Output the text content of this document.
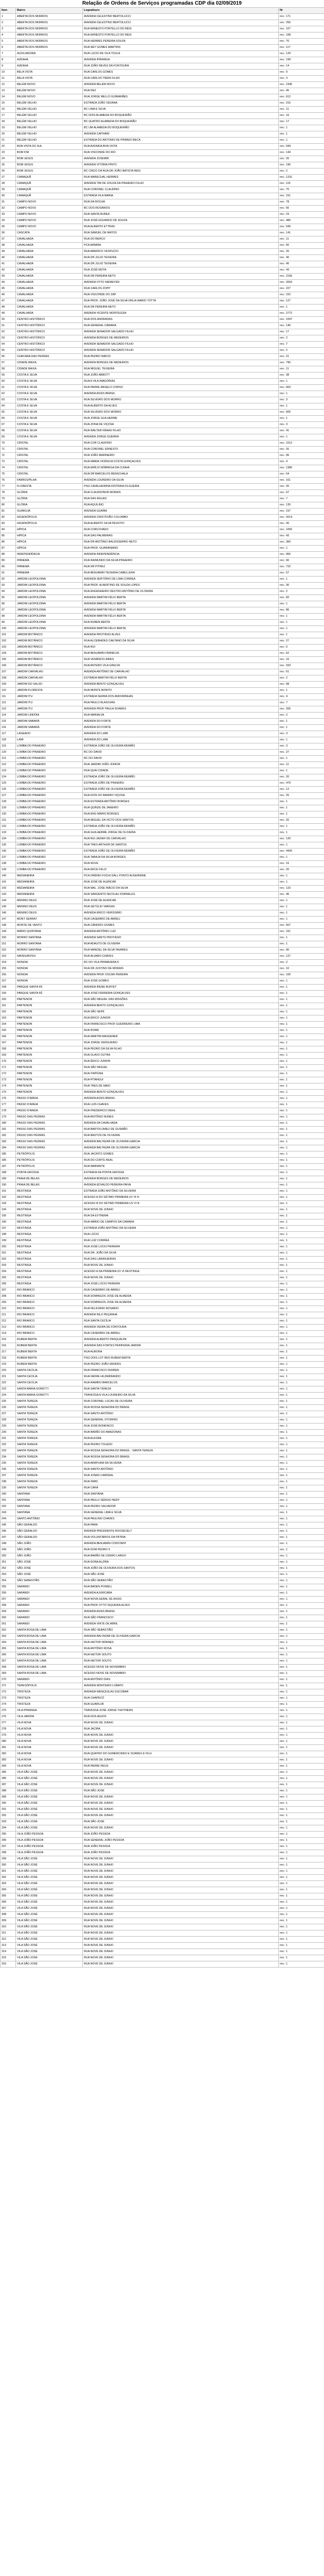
Relação de Ordens de Serviços programadas CDP dia 02/09/2019
Item	Bairro	Logradouro	Nr
1	ABERTA DOS MORROS	AVENIDA CELESTINO BERTOLUCCI	nro.: 171
2	ABERTA DOS MORROS	AVENIDA CELESTINO BERTOLUCCI	nro.: 255
3	ABERTA DOS MORROS	RUA ERNESTO PORTELLO DO REIS	nro.: 107
4	ABERTA DOS MORROS	RUA ERNESTO PORTELLO DO REIS	nro.: 168
5	ABERTA DOS MORROS	RUA HERMES PEREIRA SOUZA	nro.: 70
6	ABERTA DOS MORROS	RUA NEY GOMES MARTINS	nro.: 117
7	AUXILIADORA	RUA LUCIO DE VILA TOULA	nro.: 129
8	AZENHA	AVENIDA IPIRANGA	nro.: 199
9	AZENHA	RUA JOÃO NEVES DA FONTOURA	nro.: 14
10	BELA VISTA	RUA CARLOS GOMES	nro.: 9
11	BELA VISTA	RUA CARLOS TREIN FILHO	nro.: 3
12	BELÉM NOVO	AVENIDA BELÉM NOVO	nro.: 1945
13	BELÉM NOVO	RUA DEZ	nro.: 45
14	BELÉM NOVO	RUA JORGE MELLO GUIMARÃES	nro.: 612
15	BELÉM VELHO	ESTRADA JOÃO VEDANA	nro.: 215
16	BELÉM VELHO	BC LIMA E SILVA	nro.: 11
17	BELÉM VELHO	BC DOIS ALAMEDA DO BOQUEIRÃO	nro.: 16
18	BELÉM VELHO	BC QUATRO ALAMEDA DO BOQUEIRÃO	nro.: 17
19	BELÉM VELHO	BC UM ALAMEDA DO BOQUEIRÃO	nro.: 1
20	BELÉM VELHO	AVENIDA CAPIVARI	nro.: 1
21	BELÉM VELHO	ESTRADA DO ANTONIO DE PRIMEIO BECA	nro.: 1
22	BOA VISTA DO SUL	RUA AVENIDA BOA VISTA	nro.: 599
23	BOM FIM	RUA VISCONDE DO RIO	nro.: 143
24	BOM JESUS	AVENIDA JOSEMIR	nro.: 20
25	BOM JESUS	AVENIDA VITÓRIA PINTO	nro.: 190
26	BOM JESUS	BC CINCO DA RUA DR JOÃO BATISTA REIS	nro.: 2
27	CAMAQUÃ	RUA MARECHAL HERMES	nro.: 1231
28	CAMAQUÃ	AVENIDA TIM DE SOUZA DA PINHEIRO FILHO	nro.: 115
29	CAMAQUÃ	RUA CORONEL CLAUDINO	nro.: 75
30	CAMAQUÃ	ESTRADA VILA MARIA	nro.: 151
31	CAMPO NOVO	RUA DA ROCHA	nro.: 78
32	CAMPO NOVO	BC DOS ROSÁRIOS	nro.: 50
33	CAMPO NOVO	RUA SANTA ÁUREA	nro.: 23
34	CAMPO NOVO	RUA JOSÉ EDUARDO DE SOUZA	nro.: 480
35	CAMPO NOVO	RUA ALBERTO ETTRAS	nro.: 545
36	CASCATA	RUA SAMUEL DE MATOS	nro.: 141
37	CAVALHADA	RUA DO BERCO	nro.: 11
38	CAVALHADA	PCA ARMIRA	nro.: 60
39	CAVALHADA	RUA AMERICO VESPUCIO	nro.: 20
40	CAVALHADA	RUA DR JULIO TEIXEIRA	nro.: 40
41	CAVALHADA	RUA DR JULIO TEIXEIRA	nro.: 45
42	CAVALHADA	RUA JOSÉ MOTA	nro.: 43
43	CAVALHADA	RUA DR PEREIRA NETO	nro.: 2156
44	CAVALHADA	AVENIDA OTTO NIEMEYER	nro.: 2003
45	CAVALHADA	RUA CARLOS ZOPP	nro.: 227
46	CAVALHADA	RUA VISCONDE DO ZAP	nro.: 222
47	CAVALHADA	RUA PROF. JOÃO JOSÉ DA SILVA ORLIA MARIO TOTTA	nro.: 127
48	CAVALHADA	RUA DR PEREIRA NETO	nro.: 1
49	CAVALHADA	AVENIDA VICENTE MONTEGGIA	nro.: 2772
50	CENTRO HISTÓRICO	RUA DOS ANDRADAS	nro.: 1097
51	CENTRO HISTÓRICO	RUA GENERAL CÂMARA	nro.: 140
52	CENTRO HISTÓRICO	AVENIDA SENADOR SALGADO FILHO	nro.: 17
53	CENTRO HISTÓRICO	AVENIDA BORGES DE MEDEIROS	nro.: 2
54	CENTRO HISTÓRICO	AVENIDA SENADOR SALGADO FILHO	nro.: 7
55	CENTRO HISTÓRICO	AVENIDA SENADOR SALGADO FILHO	nro.: 2
56	CHÁCARA DAS PEDRAS	RUA PEDRO INÁCIO	nro.: 21
57	CIDADE BAIXA	AVENIDA BORGES DE MEDEIROS	nro.: 790
58	CIDADE BAIXA	RUA MIGUEL TEIXEIRA	nro.: 11
59	COSTA E SILVA	RUA JOÃO ABBOTT	nro.: 38
60	COSTA E SILVA	RUA A VILA IMAGÓRIAS	nro.: 1
61	COSTA E SILVA	RUA PADRE ANGELO CORSO	nro.: 603
62	COSTA E SILVA	AVENIDA ASSIS BRASIL	nro.: 1
63	COSTA E SILVA	RUA SILVEIRO DOS MORRO	nro.: 3
64	COSTA E SILVA	RUA ALBERTO DA ALVES	nro.: 1
65	COSTA E SILVA	RUA SILVEIRO DOS MORRO	nro.: 605
66	COSTA E SILVA	RUA JORGE GUILHERME	nro.: 1
67	COSTA E SILVA	RUA ZONA DE VIÇOSA	nro.: 3
68	COSTA E SILVA	RUA WALTER KRAAS FILHO	nro.: 41
69	COSTA E SILVA	AVENIDA JORGE GUERRA	nro.: 1
70	CRISTAL	RUA COR CLAUDINO	nro.: 1012
71	CRISTAL	RUA CORONEL ERNESTO	nro.: 20
72	CRISTAL	RUA JOÃO MARINEIRO	nro.: 96
73	CRISTAL	RUA MARIA VICÊNCIA COSTA GONÇALVES	nro.: 4
74	CRISTAL	RUA EMÍLIO NÓBREGA DA CUNHA	nro.: 1380
75	CRISTAL	RUA DR BARCELOS BENSCHALA	nro.: 54
76	FARROUPILHA	AVENIDA LOUREIRO DA SILVA	nro.: 161
77	FLORESTA	PSG CAVALHEIRINA DISTRAIA FILGUEIRA	nro.: 20
78	GLÓRIA	RUA CLAUDIONOR MORAIS	nro.: 67
79	GLÓRIA	RUA DAS ÁGUAS	nro.: 7
80	GLÓRIA	RUA AQUILINO	nro.: 135
81	GUARUJÁ	AVENIDA GUAÍBA	nro.: 157
82	HIGIENÓPOLIS	AVENIDA CRISTÓVÃO COLOMBO	nro.: 2014
83	HIGIENÓPOLIS	RUA ALBERTO SILVA PEIXOTO	nro.: 30
84	HÍPICA	RUA CORCOVADO	nro.: 1050
85	HÍPICA	RUA DAS PALMEIRAS	nro.: 43
86	HÍPICA	RUA DR ANTÔNIO BALDISSERRO NETO	nro.: 360
87	HÍPICA	RUA PROF. GUARANIANO	nro.: 1
88	INDEPENDÊNCIA	AVENIDA INDEPENDÊNCIA	nro.: 950
89	IPANEMA	RUA RAIMUNDO DA SILVA PINHEIRO	nro.: 60
90	IPANEMA	RUA DR PITREZ	nro.: 722
91	IPANEMA	RUA BENJAMIN TEIXEIRA CABELLERA	nro.: 57
92	JARDIM LEOPOLDINA	AVENIDA SERTÓRIO DE LIMA CORREA	nro.: 1
93	JARDIM LEOPOLDINA	RUA PROF. ALBERTINO DE SOUZA LOPES	nro.: 30
94	JARDIM LEOPOLDINA	RUA ENGENHEIRO DESTRO ANTÔNIO DE OLIVEIRA	nro.: 2
95	JARDIM LEOPOLDINA	AVENIDA MARTIM FÉLIX BERTA	nro.: 82
96	JARDIM LEOPOLDINA	AVENIDA MARTIM FÉLIX BERTA	nro.: 1
97	JARDIM LEOPOLDINA	AVENIDA MARTIM FÉLIX BERTA	nro.: 86
98	JARDIM LEOPOLDINA	AVENIDA MARTIM FÉLIX BERTA	nro.: 1
99	JARDIM LEOPOLDINA	RUA RUBEN BERTA	nro.: 1
100	JARDIM LEOPOLDINA	AVENIDA MARTIM FÉLIX BERTA	nro.: 1
101	JARDIM BOTÂNICO	AVENIDA PROTÁSIO ALVES	nro.: 1
102	JARDIM BOTÂNICO	RUA ALCEBIADES CAETANO DA SILVA	nro.: 27
103	JARDIM BOTÂNICO	RUA RUI	nro.: 5
104	JARDIM BOTÂNICO	RUA BENJAMIN FRANKLIN	nro.: 62
105	JARDIM BOTÂNICO	RUA VENÂNCIO AIRES	nro.: 16
106	JARDIM BOTÂNICO	RUA ANTERO VILA GRECIA	nro.: 333
107	JARDIM CARVALHO	AVENIDA ANTÔNIO DE CARVALHO	nro.: 61
108	JARDIM CARVALHO	ESTRADA MARTIM FÉLIX BERTA	nro.: 2
109	JARDIM DO SALSO	AVENIDA BENTO GONÇALVES	nro.: 98
110	JARDIM FLORESTA	RUA MONTE BONITO	nro.: 1
111	JARDIM ITU	ESTRADA SERRA DOS ANDORINHAS	nro.: 4
112	JARDIM ITU	RUA PAULO BLASCHKE	nro.: 7
113	JARDIM ITU	AVENIDA PROF PAULA SOARES	nro.: 206
114	JARDIM LINDÓIA	RUA MARIALVA	nro.: 2
115	JARDIM SABARÁ	AVENIDA DO FORTE	nro.: 1
116	JARDIM SABARÁ	AVENIDA DO FORTE	nro.: 1
117	LAGEADO	AVENIDA DO LAMI	nro.: 3
118	LAMI	AVENIDA DO LAMI	nro.: 1
119	LOMBA DO PINHEIRO	ESTRADA JOÃO DE OLIVEIRA REMIÃO	nro.: 3
120	LOMBA DO PINHEIRO	BC DO DAVID	nro.: 27
121	LOMBA DO PINHEIRO	BC DO DAVID	nro.: 1
122	LOMBA DO PINHEIRO	RUA JARDIM JOÃO JÚNIOR	nro.: 11
123	LOMBA DO PINHEIRO	RUA QUAI CIDADE	nro.: 1
124	LOMBA DO PINHEIRO	ESTRADA JOÃO DE OLIVEIRA REMIÃO	nro.: 20
125	LOMBA DO PINHEIRO	ESTRADA JOÃO DE PINHEIRO	nro.: 479
126	LOMBA DO PINHEIRO	ESTRADA JOÃO DE OLIVEIRA REMIÃO	nro.: 12
127	LOMBA DO PINHEIRO	RUA DOIS DO BAIRRO VIÇOSA	nro.: 25
128	LOMBA DO PINHEIRO	RUA ESTRADA ANTÔNIO BORGES	nro.: 1
129	LOMBA DO PINHEIRO	RUA QUINZE DE JANEIRO	nro.: 1
130	LOMBA DO PINHEIRO	RUA ENG MARIO BORGES	nro.: 1
131	LOMBA DO PINHEIRO	RUA MIGUEL DA VICTO DOS SANTOS	nro.: 20
132	LOMBA DO PINHEIRO	ESTRADA JOÃO DE OLIVEIRA REMIÃO	nro.: 1
133	LOMBA DO PINHEIRO	RUA GUILHERME JORGE DE OLIVEIRA	nro.: 1
134	LOMBA DO PINHEIRO	RUA RUI JAZIER DE CARVALHO	nro.: 120
135	LOMBA DO PINHEIRO	RUA TRES ARTHUR DE SANTOS	nro.: 1
136	LOMBA DO PINHEIRO	ESTRADA JOÃO DE OLIVEIRA REMIÃO	nro.: 4420
137	LOMBA DO PINHEIRO	RUA TABAJA DA SILVA BORGES	nro.: 1
138	LOMBA DO PINHEIRO	RUA NOVE	nro.: 16
139	LOMBA DO PINHEIRO	RUA ERCE FELIZ	nro.: 20
140	MEDIANEIRA	PCA ORÊNIO FOCHI DALL PONTO AUGERNINE	nro.: 1
141	MEDIANEIRA	RUA JOSÉ DE ALENCAR	nro.: 1
142	MEDIANEIRA	RUA MAL. JOSÉ INÁCIO DA SILVA	nro.: 123
143	MEDIANEIRA	RUA SARGENTO NICOLAU DORNELES	nro.: 45
144	MENINO DEUS	RUA JOSÉ DE ALENCAR	nro.: 1
145	MENINO DEUS	RUA GETÚLIO VARGAS	nro.: 1
146	MENINO DEUS	AVENIDA ERICO VERISSIMO	nro.: 1
147	MONT SERRAT	RUA CASEMIRO DE ABREU	nro.: 1
148	MONTE DE VENTO	RUA CÂNDIDO GOMES	nro.: 507
149	MÁRIO QUINTANA	AVENIDA ANTÔNIO LUIZ	nro.: 161
150	MORRO SANTANA	AVENIDA SANTO PROTÁSIO	nro.: 1
151	MORRO SANTANA	RUA ADAUTO DE OLIVEIRA	nro.: 1
152	MORRO SANTANA	RUA MANOEL DA SILVA TAVARES	nro.: 90
153	NAVEGANTES	RUA ÁLVARO CHAVES	nro.: 127
154	NONOAI	BC DO VILA PRIMAVERA D	nro.: 2
155	NONOAI	RUA DR JUSTINO DE MORAIS	nro.: 10
156	NONOAI	AVENIDA PROF OSCAR PEREIRA	nro.: 100
157	NONOAI	RUA JOSÉ GOMES	nro.: 1
158	PARQUE SANTA FÉ	AVENIDA IRENE BUFFET	nro.: 1
159	PARQUE SANTA FÉ	RUA JOSÉ FERREIRA GONÇALVES	nro.: 1
160	PARTENON	RUA SÃO MIGUEL DAS MISSÕES	nro.: 1
161	PARTENON	AVENIDA BENTO GONÇALVES	nro.: 1
162	PARTENON	RUA SÃO SEPÉ	nro.: 1
163	PARTENON	RUA ÉRICO JUNIOR	nro.: 1
164	PARTENON	RUA FRANCISCO PROF GUERREIRO LIMA	nro.: 1
165	PARTENON	RUA ROMA	nro.: 1
166	PARTENON	RUA MARTIM MASSENER	nro.: 1
167	PARTENON	RUA JORGE VERGUEIRO	nro.: 1
168	PARTENON	RUA PEDRO DA SILVA FILHO	nro.: 1
169	PARTENON	RUA OLAVO OUTRA	nro.: 1
170	PARTENON	RUA ÉRICO JUNIOR	nro.: 1
171	PARTENON	RUA SÃO MIGUEL	nro.: 1
172	PARTENON	RUA ITAPIÚNA	nro.: 1
173	PARTENON	RUA PITANGUI	nro.: 1
174	PARTENON	RUA TRES DE MAIO	nro.: 1
175	PARTENON	AVENIDA BENTO GONÇALVES	nro.: 1
176	PASSO D'AREIA	AVENIDA ASSIS BRASIL	nro.: 1
177	PASSO D'AREIA	RUA LUIS CHAVES	nro.: 1
178	PASSO D'AREIA	RUA FREDERICO DIEHL	nro.: 1
179	PASSO DAS PEDRAS	RUA ANTÔNIO NUNES	nro.: 1
180	PASSO DAS PEDRAS	AVENIDA DA CAVALHADA	nro.: 1
181	PASSO DAS PEDRAS	RUA BARTOLOMEU DE GUSMÃO	nro.: 1
182	PASSO DAS PEDRAS	RUA BASTOS DE OLIVEIRA	nro.: 1
183	PASSO DAS PEDRAS	AVENIDA BALTAZAR DE OLIVEIRA GARCIA	nro.: 1
184	PASSO DAS PEDRAS	AVENIDA BALTAZAR DE OLIVEIRA GARCIA	nro.: 1
185	PETRÓPOLIS	RUA JACINTO GOMES	nro.: 1
186	PETRÓPOLIS	RUA DO CORTE REAL	nro.: 1
187	PETRÓPOLIS	RUA MARIANTE	nro.: 1
188	PONTA GROSSA	ESTRADA DA PONTA GROSSA	nro.: 1
189	PRAIA DE BELAS	AVENIDA BORGES DE MEDEIROS	nro.: 1
190	PRAIA DE BELAS	AVENIDA EDVALDO PEREIRA PAIVA	nro.: 1
191	RESTINGA	ESTRADA JOÃO ANTÔNIO DA SILVEIRA	nro.: 1
192	RESTINGA	ACESSO A DO SÉTIMO PRIMEIRA UV VI N	nro.: 1
193	RESTINGA	ACESSO B DO SÉTIMO PRIMEIRA UV VI N	nro.: 1
194	RESTINGA	RUA NOVE DE JUNHO	nro.: 1
195	RESTINGA	RUA DA EXTREMA	nro.: 1
196	RESTINGA	RUA MÁRIO DE CAMPOS DA CAMARA	nro.: 1
197	RESTINGA	ESTRADA JOÃO ANTÔNIO DA SILVEIRA	nro.: 1
198	RESTINGA	RUA LÚCIO	nro.: 1
199	RESTINGA	RUA LUIZ CORRÊA	nro.: 1
200	RESTINGA	RUA JOSÉ LÚCIO PEREIRA	nro.: 1
201	RESTINGA	RUA DR. JOÃO DA SILVA	nro.: 1
202	RESTINGA	RUA DAS LARANJEIRAS	nro.: 1
203	RESTINGA	RUA NOVE DE JUNHO	nro.: 1
204	RESTINGA	ACESSO A DA PRIMEIRA UV VI RESTINGA	nro.: 1
205	RESTINGA	RUA NOVE DE JUNHO	nro.: 1
206	RESTINGA	RUA JOSÉ LÚCIO PEREIRA	nro.: 1
207	RIO BRANCO	RUA CASEMIRO DE ABREU	nro.: 1
208	RIO BRANCO	RUA DOMINGOS JOSÉ DE ALMEIDA	nro.: 1
209	RIO BRANCO	RUA DOMINGOS JOSÉ DE ALMEIDA	nro.: 1
210	RIO BRANCO	RUA FELICIANO ROSARIO	nro.: 1
211	RIO BRANCO	AVENIDA NILO PEÇANHA	nro.: 1
212	RIO BRANCO	RUA SANTA CECÍLIA	nro.: 1
213	RIO BRANCO	AVENIDA VIEIRA DE FONTOURA	nro.: 1
214	RIO BRANCO	RUA CASEMIRO DE ABREU	nro.: 1
215	RUBEM BERTA	AVENIDA ALBERTO PASQUALINI	nro.: 1
216	RUBEM BERTA	AVENIDA DAS FONTES PERIFERIA JARDIM	nro.: 1
217	RUBEM BERTA	RUA AURORA	nro.: 1
218	RUBEM BERTA	PSG DOIS LOT RES RUBEM BERTA	nro.: 1
219	RUBEM BERTA	RUA PEDRO JOÃO HENDES	nro.: 1
220	SANTA CECÍLIA	RUA FRANCISCO FERRER	nro.: 1
221	SANTA CECÍLIA	RUA FADRE HILDEBRANDO	nro.: 1
222	SANTA CECÍLIA	RUA RAMIRO BARCELOS	nro.: 1
223	SANTA MARIA GORETTI	RUA SANTA TEREZA	nro.: 1
224	SANTA MARIA GORETTI	TRAVESSA A VILA LOUREIRO DA SILVA	nro.: 1
225	SANTA TEREZA	RUA CORONEL LUCAS DE OLIVEIRA	nro.: 1
226	SANTA TEREZA	RUA NOSSA SENHORA DO BRASIL	nro.: 1
227	SANTA TEREZA	RUA SANTO ANTÔNIO	nro.: 1
228	SANTA TEREZA	RUA GENERAL VITORINO	nro.: 1
229	SANTA TEREZA	RUA JOSÉ BONIFÁCIO	nro.: 1
230	SANTA TEREZA	RUA BARÃO DO AMAZONAS	nro.: 1
231	SANTA TEREZA	RUA ALEGRE	nro.: 1
232	SANTA TEREZA	RUA PEDRO TOLEDO	nro.: 1
233	SANTA TEREZA	RUA NOSSA SENHORA DO BRASIL - SANTA TEREZA	nro.: 1
234	SANTA TEREZA	RUA NOSSA SENHORA DO BRASIL	nro.: 1
235	SANTA TEREZA	RUA ARAPUAM DA SILVEIRA	nro.: 1
236	SANTA TEREZA	RUA SANTO ANTÔNIO	nro.: 1
237	SANTA TEREZA	RUA JONAS CARDEAL	nro.: 1
238	SANTA TEREZA	RUA SIMIC	nro.: 1
239	SANTA TEREZA	RUA CARÁ	nro.: 1
240	SANTANA	RUA SANTANA	nro.: 1
241	SANTANA	RUA PAULO SÉRGIO NERY	nro.: 1
242	SANTANA	RUA PEDRO SALVADOR	nro.: 1
243	SANTANA	RUA GENERAL LIMA E SILVA	nro.: 1
244	SANTO ANTÔNIO	RUA PAULINO CHAVES	nro.: 1
245	SÃO GERALDO	RUA PARA	nro.: 1
246	SÃO GERALDO	AVENIDA PRESIDENTE ROOSEVELT	nro.: 1
247	SÃO GERALDO	RUA VOLUNTÁRIOS DA PÁTRIA	nro.: 1
248	SÃO JOÃO	AVENIDA BENJAMIN CONSTANT	nro.: 1
249	SÃO JOÃO	RUA DOM PEDRO II	nro.: 1
250	SÃO JOÃO	RUA BARÃO DE CERRO LARGO	nro.: 1
251	SÃO JOSÉ	RUA DONA ALZIRA	nro.: 1
252	SÃO JOSÉ	RUA JOÃO DE OLIVEIRA DOS SANTOS	nro.: 1
253	SÃO JOSÉ	RUA SÃO JOSÉ	nro.: 1
254	SÃO SEBASTIÃO	RUA SÃO SEBASTIÃO	nro.: 1
255	SARANDI	RUA BADEN POWELL	nro.: 1
256	SARANDI	AVENIDA AJURICABA	nro.: 1
257	SARANDI	RUA NOVA GERAL DE ASSIS	nro.: 1
258	SARANDI	RUA PROF OTTO SIQUEIRA ALVES	nro.: 1
259	SARANDI	AVENIDA ASSIS BRASIL	nro.: 1
260	SARANDI	RUA SÃO FRANCISCO	nro.: 1
261	SARANDI	AVENIDA VINTE DE ABRIL	nro.: 1
262	SANTA ROSA DE LIMA	RUA SÃO SEBASTIÃO	nro.: 1
263	SANTA ROSA DE LIMA	AVENIDA BALTAZAR DE OLIVEIRA GARCIA	nro.: 1
264	SANTA ROSA DE LIMA	RUA HEITOR MORAES	nro.: 1
265	SANTA ROSA DE LIMA	RUA ANTÔNIO ROSA	nro.: 1
266	SANTA ROSA DE LIMA	RUA HEITOR SOUTO	nro.: 1
267	SANTA ROSA DE LIMA	RUA HEITOR SOUTO	nro.: 1
268	SANTA ROSA DE LIMA	ACESSO NOVE DE NOVEMBRO	nro.: 1
269	SANTA ROSA DE LIMA	ACESSO NOVE DE NOVEMBRO	nro.: 1
270	SARANDI	RUA ANTÔNIO DIAS	nro.: 1
271	TERESÓPOLIS	AVENIDA MONTEIRO LOBATO	nro.: 1
272	TRISTEZA	AVENIDA WENCESLAU ESCOBAR	nro.: 1
273	TRISTEZA	RUA CHAPECÓ	nro.: 1
274	TRISTEZA	RUA GUARUJÁ	nro.: 1
275	VILA IPIRANGA	TRAVESSA JOSÉ JORGE THOYNERS	nro.: 1
276	VILA JARDIM	RUA DOS ANJOS	nro.: 1
277	VILA NOVA	RUA NOVE DE JUNHO	nro.: 1
278	VILA NOVA	RUA JACIRA	nro.: 1
279	VILA NOVA	RUA NOVE DE JUNHO	nro.: 1
280	VILA NOVA	RUA NOVE DE JUNHO	nro.: 1
281	VILA NOVA	RUA NOVE DE JUNHO	nro.: 1
282	VILA NOVA	RUA QUATRO DO GUMERCINDO E SOARES E FILH	nro.: 1
283	VILA NOVA	RUA NOVE DE JUNHO	nro.: 1
284	VILA NOVA	RUA PADRE REUS	nro.: 1
285	VILA SÃO JOSÉ	RUA NOVE DE JUNHO	nro.: 1
286	VILA SÃO JOSÉ	RUA NOVE DE JUNHO	nro.: 1
287	VILA SÃO JOSÉ	RUA NOVE DE JUNHO	nro.: 1
288	VILA SÃO JOSÉ	RUA SÃO JOSÉ	nro.: 1
289	VILA SÃO JOSÉ	RUA NOVE DE JUNHO	nro.: 1
290	VILA SÃO JOSÉ	RUA NOVE DE JUNHO	nro.: 1
291	VILA SÃO JOSÉ	RUA NOVE DE JUNHO	nro.: 1
292	VILA SÃO JOSÉ	RUA NOVE DE JUNHO	nro.: 1
293	VILA SÃO JOSÉ	RUA SÃO JOSÉ	nro.: 1
294	VILA SÃO JOSÉ	RUA NOVE DE JUNHO	nro.: 1
295	VILA JOÃO PESSOA	RUA JOÃO PESSOA	nro.: 1
296	VILA JOÃO PESSOA	RUA GENERAL JOÃO PESSOA	nro.: 1
297	VILA JOÃO PESSOA	RUA JOÃO PESSOA	nro.: 1
298	VILA JOÃO PESSOA	RUA JOÃO PESSOA	nro.: 1
299	VILA SÃO JOSÉ	RUA NOVE DE JUNHO	nro.: 1
300	VILA SÃO JOSÉ	RUA NOVE DE JUNHO	nro.: 1
301	VILA SÃO JOSÉ	RUA NOVE DE JUNHO	nro.: 1
302	VILA SÃO JOSÉ	RUA NOVE DE JUNHO	nro.: 1
303	VILA SÃO JOSÉ	RUA NOVE DE JUNHO	nro.: 1
304	VILA SÃO JOSÉ	RUA NOVE DE JUNHO	nro.: 1
305	VILA SÃO JOSÉ	RUA NOVE DE JUNHO	nro.: 1
306	VILA SÃO JOSÉ	RUA NOVE DE JUNHO	nro.: 1
307	VILA SÃO JOSÉ	RUA NOVE DE JUNHO	nro.: 1
308	VILA SÃO JOSÉ	RUA NOVE DE JUNHO	nro.: 1
309	VILA SÃO JOSÉ	RUA NOVE DE JUNHO	nro.: 1
310	VILA SÃO JOSÉ	RUA NOVE DE JUNHO	nro.: 1
311	VILA SÃO JOSÉ	RUA NOVE DE JUNHO	nro.: 1
312	VILA SÃO JOSÉ	RUA NOVE DE JUNHO	nro.: 1
313	VILA SÃO JOSÉ	RUA NOVE DE JUNHO	nro.: 1
314	VILA SÃO JOSÉ	RUA NOVE DE JUNHO	nro.: 1
315	VILA SÃO JOSÉ	RUA NOVE DE JUNHO	nro.: 1
316	VILA SÃO JOSÉ	RUA NOVE DE JUNHO	nro.: 1
